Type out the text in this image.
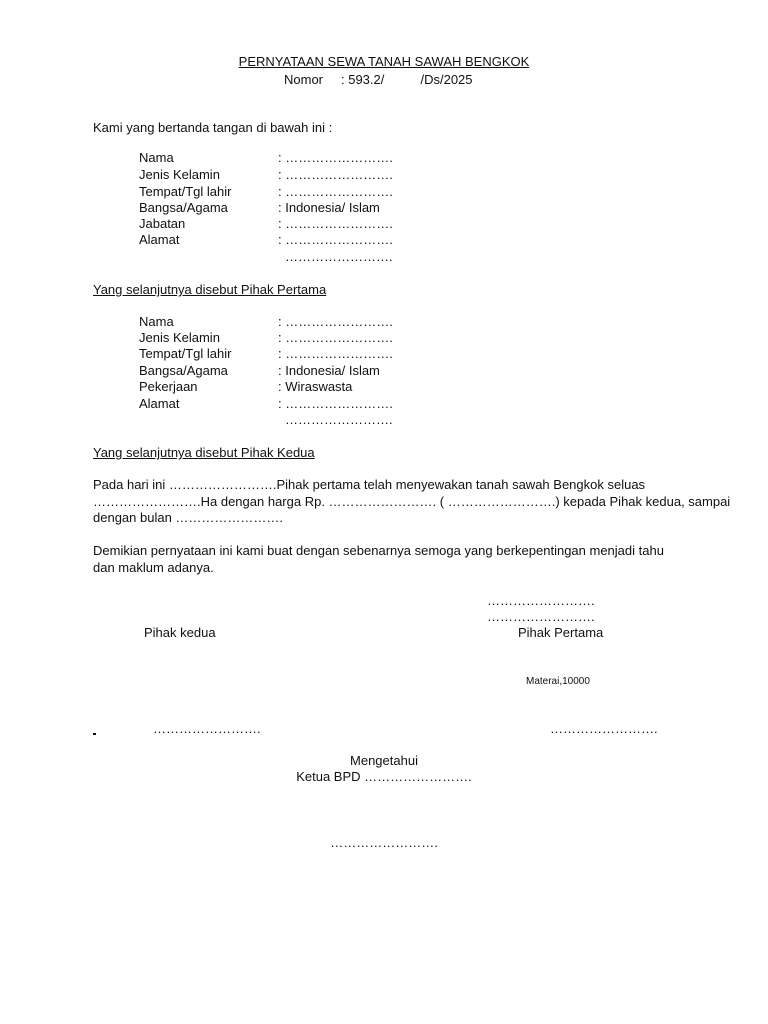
PERNYATAAN SEWA TANAH SAWAH BENGKOK
Nomor : 593.2/          /Ds/2025
Kami yang bertanda tangan di bawah ini :
Nama	: …………………….
Jenis Kelamin	: …………………….
Tempat/Tgl lahir	: …………………….
Bangsa/Agama	: Indonesia/ Islam
Jabatan	: …………………….
Alamat	: …………………….
…………………….
Yang selanjutnya disebut Pihak Pertama
Nama	: …………………….
Jenis Kelamin	: …………………….
Tempat/Tgl lahir	: …………………….
Bangsa/Agama	: Indonesia/ Islam
Pekerjaan	: Wiraswasta
Alamat	: …………………….
…………………….
Yang selanjutnya disebut Pihak Kedua
Pada hari ini …………………….Pihak pertama telah menyewakan tanah sawah Bengkok seluas
…………………….Ha dengan harga Rp. ……………………. ( …………………….) kepada Pihak kedua, sampai
dengan bulan …………………….
Demikian pernyataan ini kami buat dengan sebenarnya semoga yang berkepentingan menjadi tahu
dan maklum adanya.
…………………….
…………………….
Pihak kedua	Pihak Pertama
Materai,10000
…………………….	…………………….
Mengetahui
Ketua BPD …………………….
…………………….
